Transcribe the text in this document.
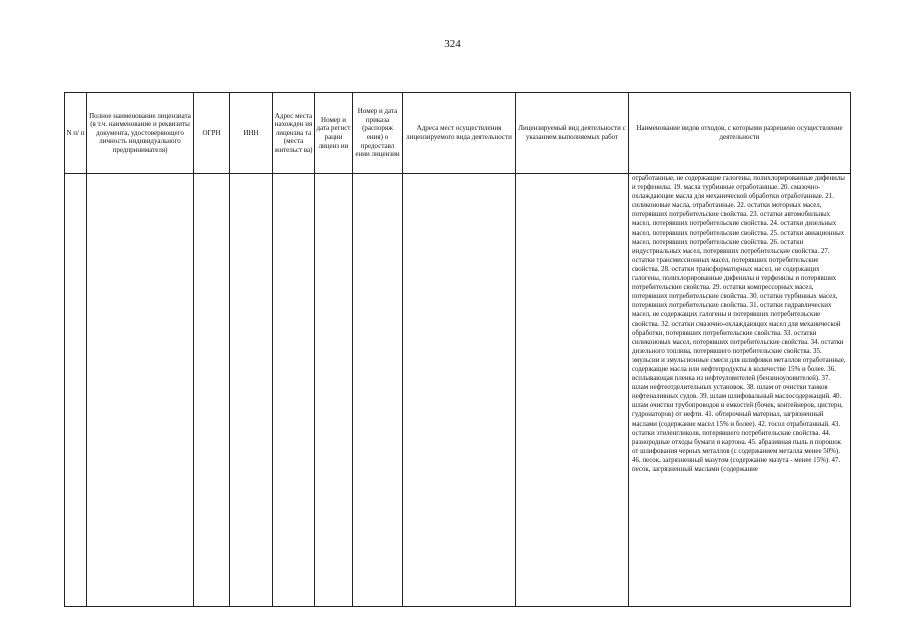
324
N п/ п	Полное наименование лицензиата (в т.ч. наименование и реквизиты документа, удостоверяющего личность индивидуального предпринимателя)	ОГРН	ИНН	Адрес места нахожден ия лицензиа та (места жительст ва)	Номер и дата регист рации лиценз ии	Номер и дата приказа (распоряж ения) о предоставл ении лицензии	Адреса мест осуществления лицензируемого вида деятельности	Лицензируемый вид деятельности с указанием выполняемых работ	Наименование видов отходов, с которыми разрешено осуществление деятельности
									отработанные, не содержащие галогены, полихлорированные дифенилы и терфенилы. 19. масла турбинные отработанные. 20. смазочно-охлаждающие масла для механической обработки отработанные. 21. силиконовые масла, отработанные. 22. остатки моторных масел, потерявших потребительские свойства. 23. остатки автомобильных масел, потерявших потребительские свойства. 24. остатки дизельных масел, потерявших потребительские свойства. 25. остатки авиационных масел, потерявших потребительские свойства. 26. остатки индустриальных масел, потерявших потребительские свойства. 27. остатки трансмиссионных масел, потерявших потребительские свойства. 28. остатки трансформаторных масел, не содержащих галогены, полихлорированные дифенилы и терфенилы и потерявших потребительские свойства. 29. остатки компрессорных масел, потерявших потребительские свойства. 30. остатки турбинных масел, потерявших потребительские свойства. 31. остатки гидравлических масел, не содержащих галогены и потерявших потребительские свойства. 32. остатки смазочно-охлаждающих масел для механической обработки, потерявших потребительские свойства. 33. остатки силиконовых масел, потерявших потребительские свойства. 34. остатки дизельного топлива, потерявшего потребительские свойства. 35. эмульсии и эмульсионные смеси для шлифовки металлов отработанные, содержащие масла или нефтепродукты в количестве 15% и более. 36. всплывающая пленка из нефтеуловителей (бензиноуловителей). 37. шлам нефтеотделительных установок. 38. шлам от очистки танков нефтеналивных судов. 39. шлам шлифовальный маслосодержащий. 40. шлам очистки трубопроводов и емкостей (бочек, контейнеров, цистерн, гудронаторов) от нефти. 41. обтирочный материал, загрязненный маслами (содержание масел 15% и более). 42. тосол отработанный. 43. остатки этиленгликоля, потерявшего потребительские свойства. 44. разнородные отходы бумаги и картона. 45. абразивная пыль и порошок от шлифования черных металлов (с содержанием металла менее 50%). 46. песок, загрязненный мазутом (содержание мазута - менее 15%). 47. песок, загрязненный маслами (содержание
